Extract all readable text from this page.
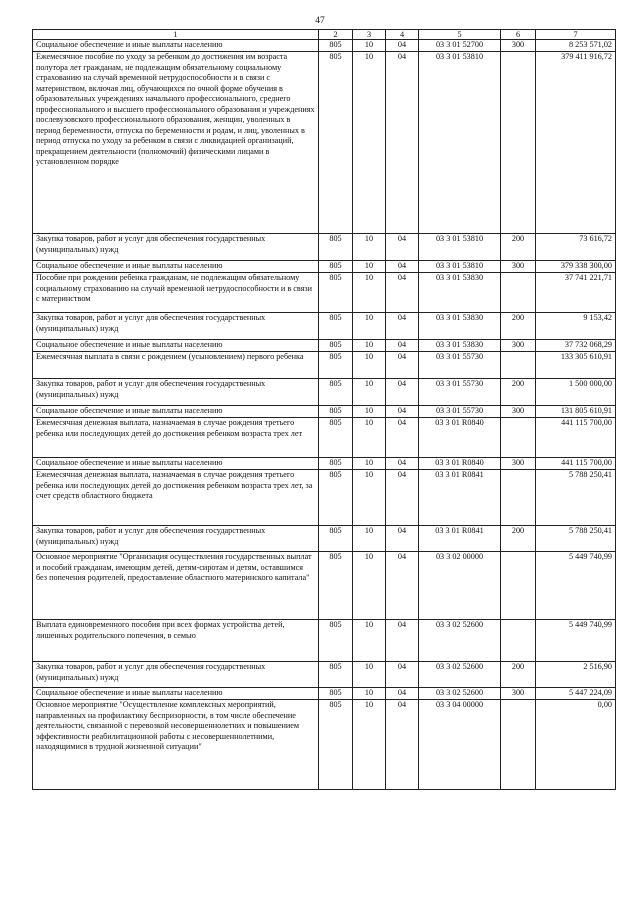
47
1	2	3	4	5	6	7
Социальное обеспечение и иные выплаты населению	805	10	04	03 3 01 52700	300	8 253 571,02
Ежемесячное пособие по уходу за ребенком до достижения им возраста полутора лет гражданам, не подлежащим обязательному социальному страхованию на случай временной нетрудоспособности и в связи с материнством, включая лиц, обучающихся по очной форме обучения в образовательных учреждениях начального профессионального, среднего профессионального и высшего профессионального образования и учреждениях послевузовского профессионального образования, женщин, уволенных в период беременности, отпуска по беременности и родам, и лиц, уволенных в период отпуска по уходу за ребенком в связи с ликвидацией организаций, прекращением деятельности (полномочий) физическими лицами в установленном порядке	805	10	04	03 3 01 53810		379 411 916,72
Закупка товаров, работ и услуг для обеспечения государственных (муниципальных) нужд	805	10	04	03 3 01 53810	200	73 616,72
Социальное обеспечение и иные выплаты населению	805	10	04	03 3 01 53810	300	379 338 300,00
Пособие при рождении ребенка гражданам, не подлежащим обязательному социальному страхованию на случай временной нетрудоспособности и в связи с материнством	805	10	04	03 3 01 53830		37 741 221,71
Закупка товаров, работ и услуг для обеспечения государственных (муниципальных) нужд	805	10	04	03 3 01 53830	200	9 153,42
Социальное обеспечение и иные выплаты населению	805	10	04	03 3 01 53830	300	37 732 068,29
Ежемесячная выплата в связи с рождением (усыновлением) первого ребенка	805	10	04	03 3 01 55730		133 305 610,91
Закупка товаров, работ и услуг для обеспечения государственных (муниципальных) нужд	805	10	04	03 3 01 55730	200	1 500 000,00
Социальное обеспечение и иные выплаты населению	805	10	04	03 3 01 55730	300	131 805 610,91
Ежемесячная денежная выплата, назначаемая в случае рождения третьего ребенка или последующих детей до достижения ребенком возраста трех лет	805	10	04	03 3 01 R0840		441 115 700,00
Социальное обеспечение и иные выплаты населению	805	10	04	03 3 01 R0840	300	441 115 700,00
Ежемесячная денежная выплата, назначаемая в случае рождения третьего ребенка или последующих детей до достижения ребенком возраста трех лет, за счет средств областного бюджета	805	10	04	03 3 01 R0841		5 788 250,41
Закупка товаров, работ и услуг для обеспечения государственных (муниципальных) нужд	805	10	04	03 3 01 R0841	200	5 788 250,41
Основное мероприятие "Организация осуществления государственных выплат и пособий гражданам, имеющим детей, детям-сиротам и детям, оставшимся без попечения родителей, предоставление областного материнского капитала"	805	10	04	03 3 02 00000		5 449 740,99
Выплата единовременного пособия при всех формах устройства детей, лишенных родительского попечения, в семью	805	10	04	03 3 02 52600		5 449 740,99
Закупка товаров, работ и услуг для обеспечения государственных (муниципальных) нужд	805	10	04	03 3 02 52600	200	2 516,90
Социальное обеспечение и иные выплаты населению	805	10	04	03 3 02 52600	300	5 447 224,09
Основное мероприятие "Осуществление комплексных мероприятий, направленных на профилактику беспризорности, в том числе обеспечение деятельности, связанной с перевозкой несовершеннолетних и повышением эффективности реабилитационной работы с несовершеннолетними, находящимися в трудной жизненной ситуации"	805	10	04	03 3 04 00000		0,00
